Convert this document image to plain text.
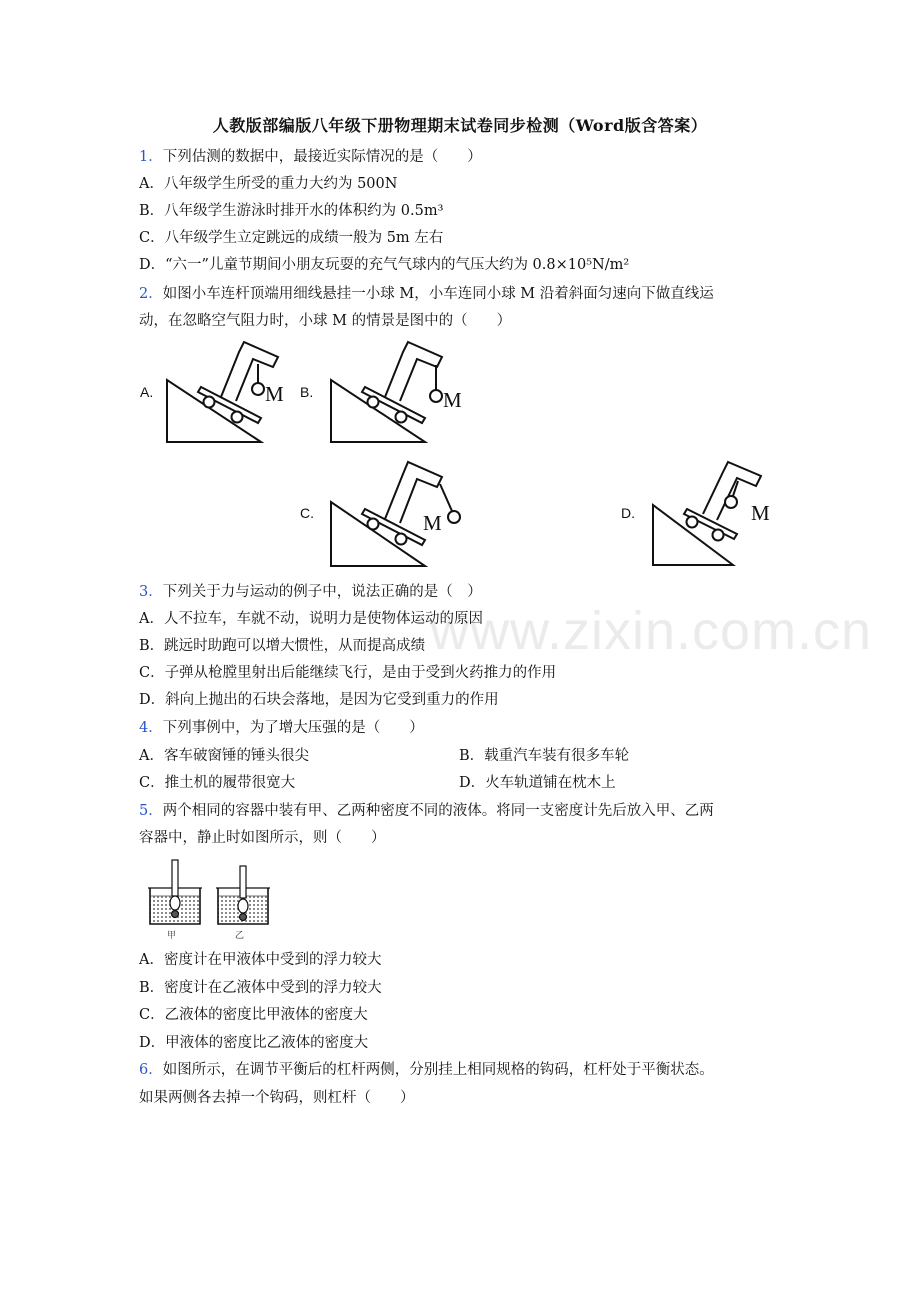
www.zixin.com.cn
人教版部编版八年级下册物理期末试卷同步检测（Word版含答案）
1．下列估测的数据中，最接近实际情况的是（　　）
A．八年级学生所受的重力大约为 500N
B．八年级学生游泳时排开水的体积约为 0.5m³
C．八年级学生立定跳远的成绩一般为 5m 左右
D．“六一”儿童节期间小朋友玩耍的充气气球内的气压大约为 0.8×10⁵N/m²
2．如图小车连杆顶端用细线悬挂一小球 M，小车连同小球 M 沿着斜面匀速向下做直线运
动，在忽略空气阻力时，小球 M 的情景是图中的（　　）
A.	B.
C.	D.
M	M
M	M
3．下列关于力与运动的例子中，说法正确的是（　）
A．人不拉车，车就不动，说明力是使物体运动的原因
B．跳远时助跑可以增大惯性，从而提高成绩
C．子弹从枪膛里射出后能继续飞行，是由于受到火药推力的作用
D．斜向上抛出的石块会落地，是因为它受到重力的作用
4．下列事例中，为了增大压强的是（　　）
A．客车破窗锤的锤头很尖	B．载重汽车装有很多车轮
C．推土机的履带很宽大	D．火车轨道铺在枕木上
5．两个相同的容器中装有甲、乙两种密度不同的液体。将同一支密度计先后放入甲、乙两
容器中，静止时如图所示，则（　　）
甲	乙
A．密度计在甲液体中受到的浮力较大
B．密度计在乙液体中受到的浮力较大
C．乙液体的密度比甲液体的密度大
D．甲液体的密度比乙液体的密度大
6．如图所示，在调节平衡后的杠杆两侧，分别挂上相同规格的钩码，杠杆处于平衡状态。
如果两侧各去掉一个钩码，则杠杆（　　）
